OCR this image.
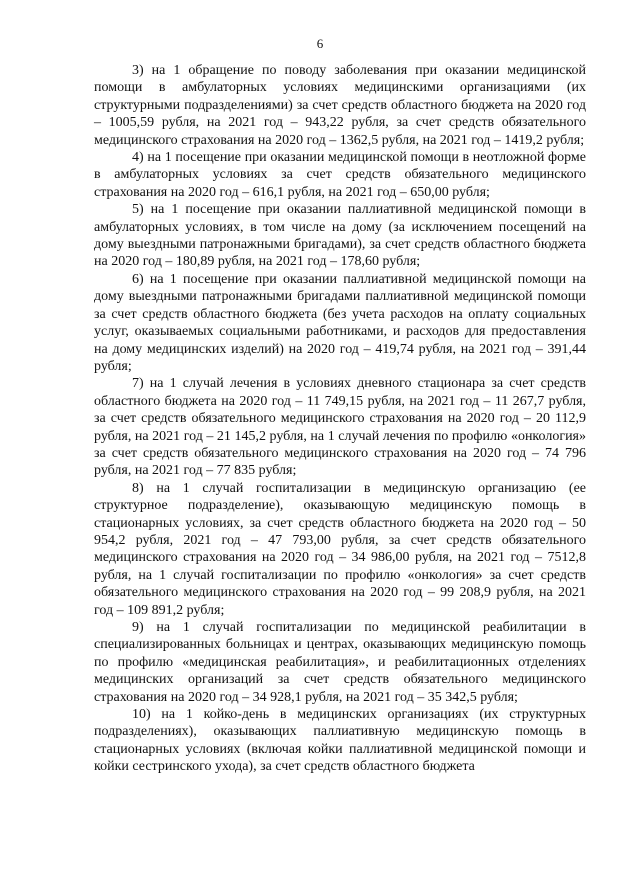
6

3) на 1 обращение по поводу заболевания при оказании медицинской помощи в амбулаторных условиях медицинскими организациями (их структурными подразделениями) за счет средств областного бюджета на 2020 год – 1005,59 рубля, на 2021 год – 943,22 рубля, за счет средств обязательного медицинского страхования на 2020 год – 1362,5 рубля, на 2021 год – 1419,2 рубля;

4) на 1 посещение при оказании медицинской помощи в неотложной форме в амбулаторных условиях за счет средств обязательного медицинского страхования на 2020 год – 616,1 рубля, на 2021 год – 650,00 рубля;

5) на 1 посещение при оказании паллиативной медицинской помощи в амбулаторных условиях, в том числе на дому (за исключением посещений на дому выездными патронажными бригадами), за счет средств областного бюджета на 2020 год – 180,89 рубля, на 2021 год – 178,60 рубля;

6) на 1 посещение при оказании паллиативной медицинской помощи на дому выездными патронажными бригадами паллиативной медицинской помощи за счет средств областного бюджета (без учета расходов на оплату социальных услуг, оказываемых социальными работниками, и расходов для предоставления на дому медицинских изделий) на 2020 год – 419,74 рубля, на 2021 год – 391,44 рубля;

7) на 1 случай лечения в условиях дневного стационара за счет средств областного бюджета на 2020 год – 11 749,15 рубля, на 2021 год – 11 267,7 рубля, за счет средств обязательного медицинского страхования на 2020 год – 20 112,9 рубля, на 2021 год – 21 145,2 рубля, на 1 случай лечения по профилю «онкология» за счет средств обязательного медицинского страхования на 2020 год – 74 796 рубля, на 2021 год – 77 835 рубля;

8) на 1 случай госпитализации в медицинскую организацию (ее структурное подразделение), оказывающую медицинскую помощь в стационарных условиях, за счет средств областного бюджета на 2020 год – 50 954,2 рубля, 2021 год – 47 793,00 рубля, за счет средств обязательного медицинского страхования на 2020 год – 34 986,00 рубля, на 2021 год – 7512,8 рубля, на 1 случай госпитализации по профилю «онкология» за счет средств обязательного медицинского страхования на 2020 год – 99 208,9 рубля, на 2021 год – 109 891,2 рубля;

9) на 1 случай госпитализации по медицинской реабилитации в специализированных больницах и центрах, оказывающих медицинскую помощь по профилю «медицинская реабилитация», и реабилитационных отделениях медицинских организаций за счет средств обязательного медицинского страхования на 2020 год – 34 928,1 рубля, на 2021 год – 35 342,5 рубля;

10) на 1 койко-день в медицинских организациях (их структурных подразделениях), оказывающих паллиативную медицинскую помощь в стационарных условиях (включая койки паллиативной медицинской помощи и койки сестринского ухода), за счет средств областного бюджета
